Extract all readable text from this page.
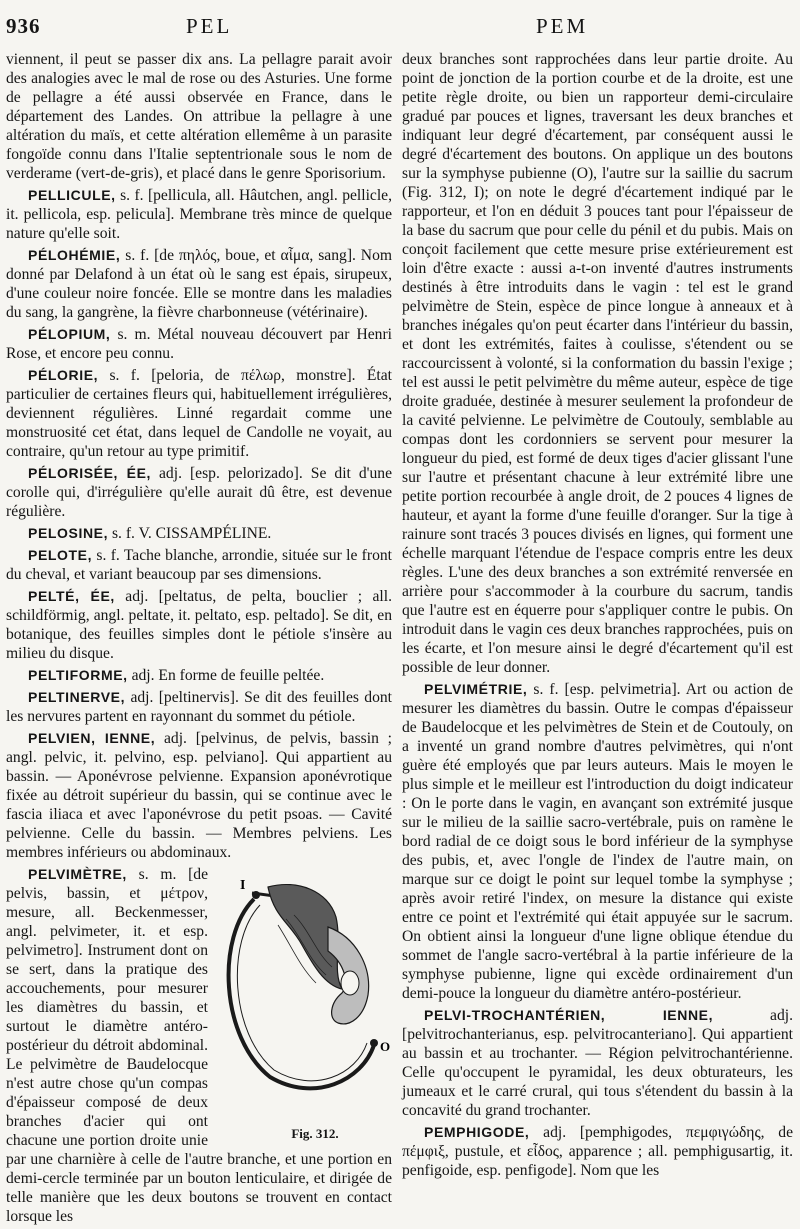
936	PEL	PEM

viennent, il peut se passer dix ans. La pellagre parait avoir des analogies avec le mal de rose ou des Asturies. Une forme de pellagre a été aussi observée en France, dans le département des Landes. On attribue la pellagre à une altération du maïs, et cette altération ellemême à un parasite fongoïde connu dans l'Italie septentrionale sous le nom de verderame (vert-de-gris), et placé dans le genre Sporisorium.

PELLICULE, s. f. [pellicula, all. Hâutchen, angl. pellicle, it. pellicola, esp. pelicula]. Membrane très mince de quelque nature qu'elle soit.

PÉLOHÉMIE, s. f. [de πηλός, boue, et αἷμα, sang]. Nom donné par Delafond à un état où le sang est épais, sirupeux, d'une couleur noire foncée. Elle se montre dans les maladies du sang, la gangrène, la fièvre charbonneuse (vétérinaire).

PÉLOPIUM, s. m. Métal nouveau découvert par Henri Rose, et encore peu connu.

PÉLORIE, s. f. [peloria, de πέλωρ, monstre]. État particulier de certaines fleurs qui, habituellement irrégulières, deviennent régulières. Linné regardait comme une monstruosité cet état, dans lequel de Candolle ne voyait, au contraire, qu'un retour au type primitif.

PÉLORISÉE, ÉE, adj. [esp. pelorizado]. Se dit d'une corolle qui, d'irrégulière qu'elle aurait dû être, est devenue régulière.

PELOSINE, s. f. V. CISSAMPÉLINE.

PELOTE, s. f. Tache blanche, arrondie, située sur le front du cheval, et variant beaucoup par ses dimensions.

PELTÉ, ÉE, adj. [peltatus, de pelta, bouclier ; all. schildförmig, angl. peltate, it. peltato, esp. peltado]. Se dit, en botanique, des feuilles simples dont le pétiole s'insère au milieu du disque.

PELTIFORME, adj. En forme de feuille peltée.

PELTINERVE, adj. [peltinervis]. Se dit des feuilles dont les nervures partent en rayonnant du sommet du pétiole.

PELVIEN, IENNE, adj. [pelvinus, de pelvis, bassin ; angl. pelvic, it. pelvino, esp. pelviano]. Qui appartient au bassin. — Aponévrose pelvienne. Expansion aponévrotique fixée au détroit supérieur du bassin, qui se continue avec le fascia iliaca et avec l'aponévrose du petit psoas. — Cavité pelvienne. Celle du bassin. — Membres pelviens. Les membres inférieurs ou abdominaux.

PELVIMÈTRE,
I
O
Fig. 312.
s. m. [de pelvis, bassin, et μέτρον, mesure, all. Beckenmesser, angl. pelvimeter, it. et esp. pelvimetro]. Instrument dont on se sert, dans la pratique des accouchements, pour mesurer les diamètres du bassin, et surtout le diamètre antéro-postérieur du détroit abdominal. Le pelvimètre de Baudelocque n'est autre chose qu'un compas d'épaisseur composé de deux branches d'acier qui ont chacune une portion droite unie par une charnière à celle de l'autre branche, et une portion en demi-cercle terminée par un bouton lenticulaire, et dirigée de telle manière que les deux boutons se trouvent en contact lorsque les

deux branches sont rapprochées dans leur partie droite. Au point de jonction de la portion courbe et de la droite, est une petite règle droite, ou bien un rapporteur demi-circulaire gradué par pouces et lignes, traversant les deux branches et indiquant leur degré d'écartement, par conséquent aussi le degré d'écartement des boutons. On applique un des boutons sur la symphyse pubienne (O), l'autre sur la saillie du sacrum (Fig. 312, I); on note le degré d'écartement indiqué par le rapporteur, et l'on en déduit 3 pouces tant pour l'épaisseur de la base du sacrum que pour celle du pénil et du pubis. Mais on conçoit facilement que cette mesure prise extérieurement est loin d'être exacte : aussi a-t-on inventé d'autres instruments destinés à être introduits dans le vagin : tel est le grand pelvimètre de Stein, espèce de pince longue à anneaux et à branches inégales qu'on peut écarter dans l'intérieur du bassin, et dont les extrémités, faites à coulisse, s'étendent ou se raccourcissent à volonté, si la conformation du bassin l'exige ; tel est aussi le petit pelvimètre du même auteur, espèce de tige droite graduée, destinée à mesurer seulement la profondeur de la cavité pelvienne. Le pelvimètre de Coutouly, semblable au compas dont les cordonniers se servent pour mesurer la longueur du pied, est formé de deux tiges d'acier glissant l'une sur l'autre et présentant chacune à leur extrémité libre une petite portion recourbée à angle droit, de 2 pouces 4 lignes de hauteur, et ayant la forme d'une feuille d'oranger. Sur la tige à rainure sont tracés 3 pouces divisés en lignes, qui forment une échelle marquant l'étendue de l'espace compris entre les deux règles. L'une des deux branches a son extrémité renversée en arrière pour s'accommoder à la courbure du sacrum, tandis que l'autre est en équerre pour s'appliquer contre le pubis. On introduit dans le vagin ces deux branches rapprochées, puis on les écarte, et l'on mesure ainsi le degré d'écartement qu'il est possible de leur donner.

PELVIMÉTRIE, s. f. [esp. pelvimetria]. Art ou action de mesurer les diamètres du bassin. Outre le compas d'épaisseur de Baudelocque et les pelvimètres de Stein et de Coutouly, on a inventé un grand nombre d'autres pelvimètres, qui n'ont guère été employés que par leurs auteurs. Mais le moyen le plus simple et le meilleur est l'introduction du doigt indicateur : On le porte dans le vagin, en avançant son extrémité jusque sur le milieu de la saillie sacro-vertébrale, puis on ramène le bord radial de ce doigt sous le bord inférieur de la symphyse des pubis, et, avec l'ongle de l'index de l'autre main, on marque sur ce doigt le point sur lequel tombe la symphyse ; après avoir retiré l'index, on mesure la distance qui existe entre ce point et l'extrémité qui était appuyée sur le sacrum. On obtient ainsi la longueur d'une ligne oblique étendue du sommet de l'angle sacro-vertébral à la partie inférieure de la symphyse pubienne, ligne qui excède ordinairement d'un demi-pouce la longueur du diamètre antéro-postérieur.

PELVI-TROCHANTÉRIEN, IENNE, adj. [pelvitrochanterianus, esp. pelvitrocanteriano]. Qui appartient au bassin et au trochanter. — Région pelvitrochantérienne. Celle qu'occupent le pyramidal, les deux obturateurs, les jumeaux et le carré crural, qui tous s'étendent du bassin à la concavité du grand trochanter.

PEMPHIGODE, adj. [pemphigodes, πεμφιγώδης, de πέμφιξ, pustule, et εἶδος, apparence ; all. pemphigusartig, it. penfigoide, esp. penfigode]. Nom que les
